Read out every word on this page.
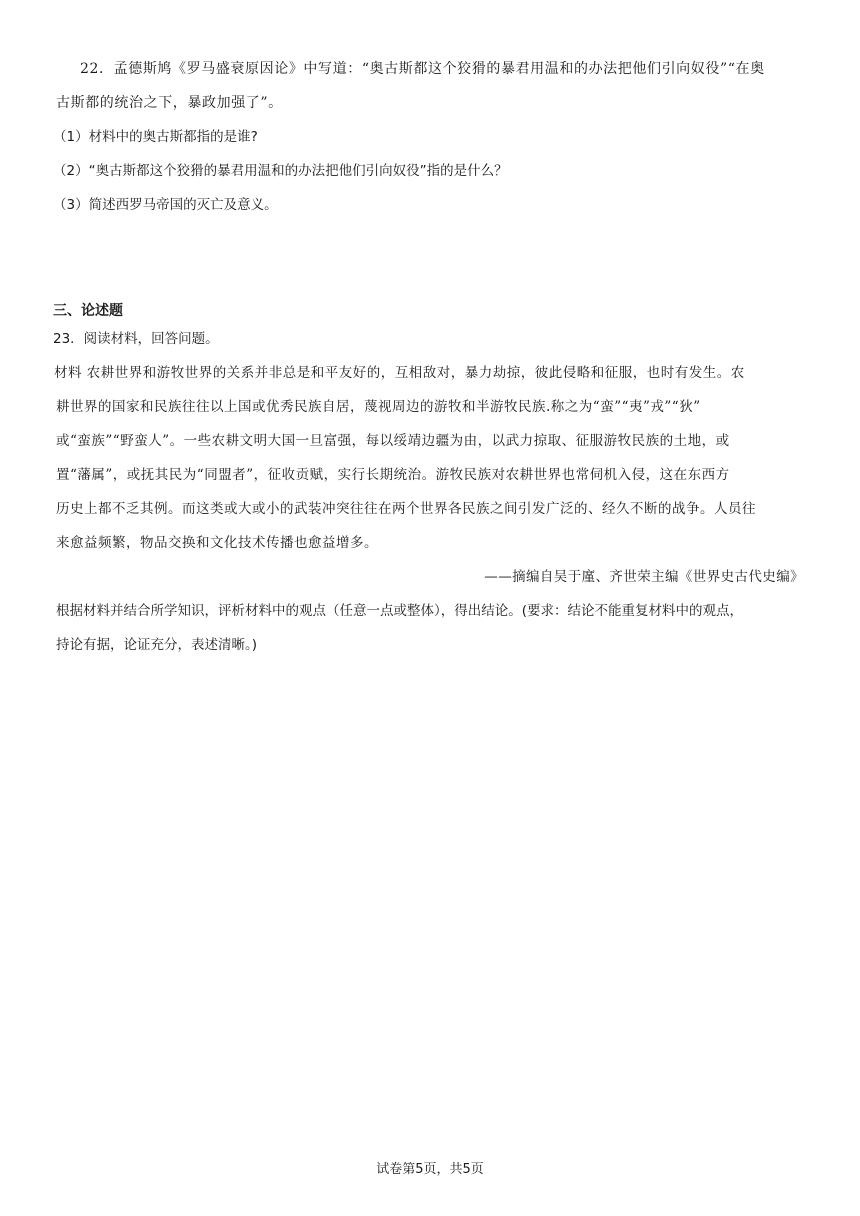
22．孟德斯鸠《罗马盛衰原因论》中写道：“奥古斯都这个狡猾的暴君用温和的办法把他们引向奴役”“在奥
古斯都的统治之下，暴政加强了”。
（1）材料中的奥古斯都指的是谁?
（2）“奥古斯都这个狡猾的暴君用温和的办法把他们引向奴役”指的是什么？
（3）简述西罗马帝国的灭亡及意义。
三、论述题
23．阅读材料，回答问题。
材料 农耕世界和游牧世界的关系并非总是和平友好的，互相敌对，暴力劫掠，彼此侵略和征服，也时有发生。农
耕世界的国家和民族往往以上国或优秀民族自居，蔑视周边的游牧和半游牧民族.称之为“蛮”“夷”戎”“狄”
或“蛮族”“野蛮人”。一些农耕文明大国一旦富强，每以绥靖边疆为由，以武力掠取、征服游牧民族的土地，或
置“藩属”，或抚其民为“同盟者”，征收贡赋，实行长期统治。游牧民族对农耕世界也常伺机入侵，这在东西方
历史上都不乏其例。而这类或大或小的武装冲突往往在两个世界各民族之间引发广泛的、经久不断的战争。人员往
来愈益频繁，物品交换和文化技术传播也愈益增多。
——摘编自吴于廑、齐世荣主编《世界史古代史编》
根据材料并结合所学知识，评析材料中的观点（任意一点或整体），得出结论。(要求：结论不能重复材料中的观点，
持论有据，论证充分，表述清晰。)
试卷第5页，共5页
